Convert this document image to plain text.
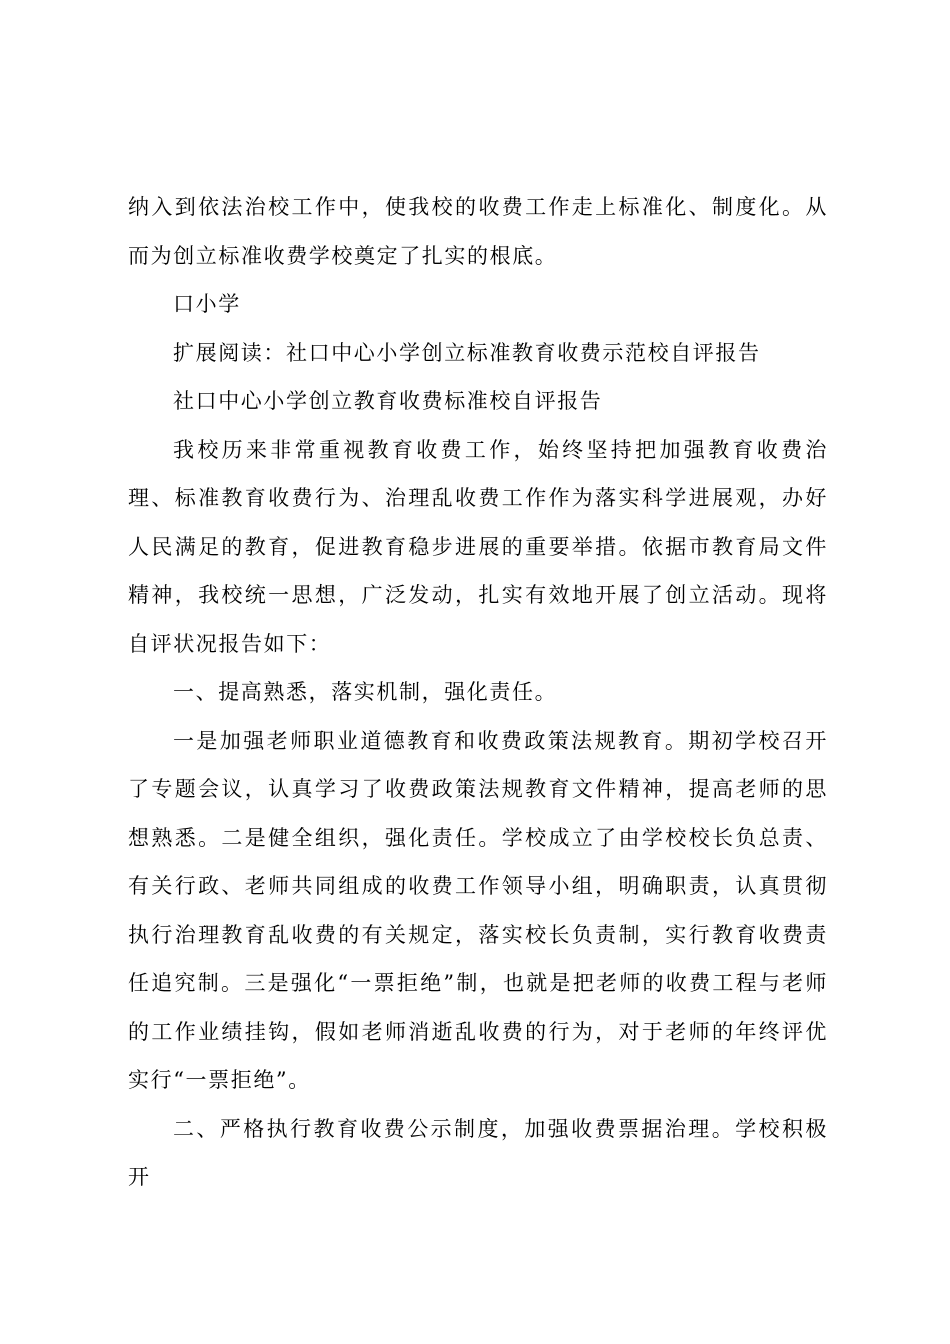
纳入到依法治校工作中，使我校的收费工作走上标准化、制度化。从而为创立标准收费学校奠定了扎实的根底。

口小学

扩展阅读：社口中心小学创立标准教育收费示范校自评报告

社口中心小学创立教育收费标准校自评报告

我校历来非常重视教育收费工作，始终坚持把加强教育收费治理、标准教育收费行为、治理乱收费工作作为落实科学进展观，办好人民满足的教育，促进教育稳步进展的重要举措。依据市教育局文件精神，我校统一思想，广泛发动，扎实有效地开展了创立活动。现将自评状况报告如下：

一、提高熟悉，落实机制，强化责任。

一是加强老师职业道德教育和收费政策法规教育。期初学校召开了专题会议，认真学习了收费政策法规教育文件精神，提高老师的思想熟悉。二是健全组织，强化责任。学校成立了由学校校长负总责、有关行政、老师共同组成的收费工作领导小组，明确职责，认真贯彻执行治理教育乱收费的有关规定，落实校长负责制，实行教育收费责任追究制。三是强化“一票拒绝”制，也就是把老师的收费工程与老师的工作业绩挂钩，假如老师消逝乱收费的行为，对于老师的年终评优实行“一票拒绝”。

二、严格执行教育收费公示制度，加强收费票据治理。学校积极开
